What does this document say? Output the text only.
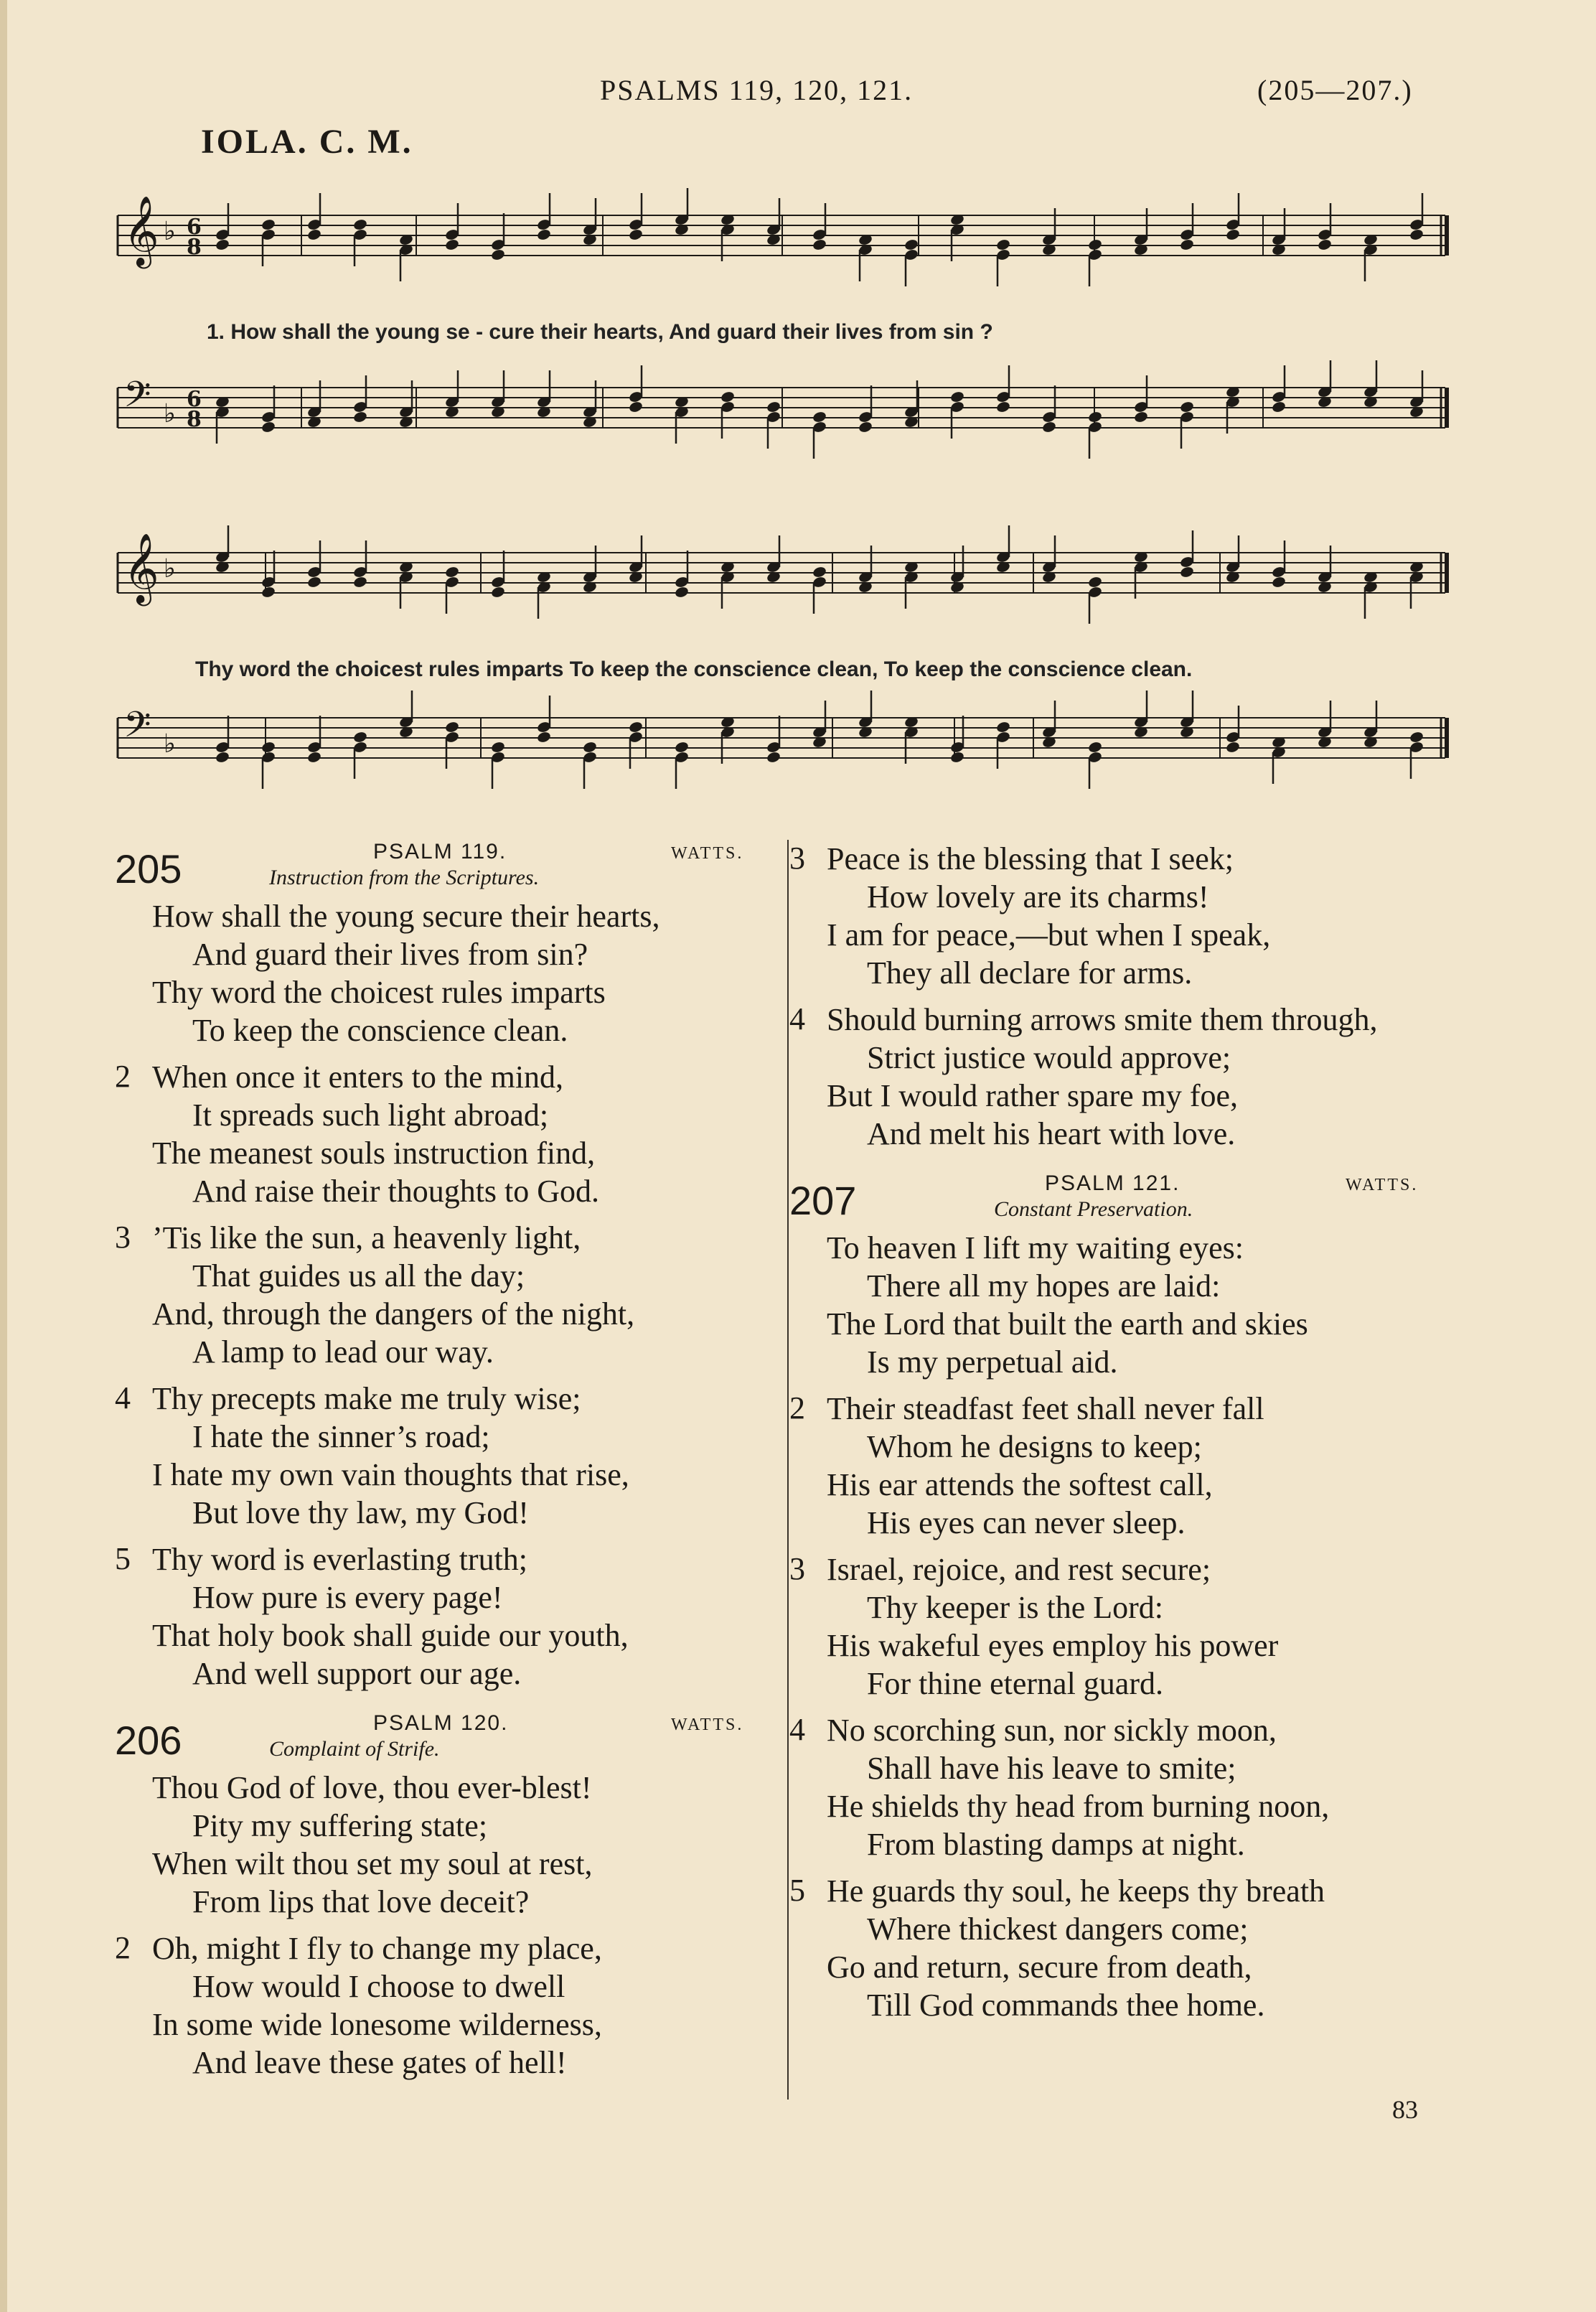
PSALMS 119, 120, 121.	(205—207.)
IOLA. C. M.
𝄞 ♭ 6
8
𝄢 ♭ 6
8
1. How shall the young se - cure their hearts, And guard their lives from sin ?
𝄞 ♭
𝄢 ♭
Thy word the choicest rules imparts To keep the conscience clean, To keep the conscience clean.
205	PSALM 119.	WATTS.
Instruction from the Scriptures.
How shall the young secure their hearts,
And guard their lives from sin?
Thy word the choicest rules imparts
To keep the conscience clean.
2 When once it enters to the mind,
It spreads such light abroad;
The meanest souls instruction find,
And raise their thoughts to God.
3 ’Tis like the sun, a heavenly light,
That guides us all the day;
And, through the dangers of the night,
A lamp to lead our way.
4 Thy precepts make me truly wise;
I hate the sinner’s road;
I hate my own vain thoughts that rise,
But love thy law, my God!
5 Thy word is everlasting truth;
How pure is every page!
That holy book shall guide our youth,
And well support our age.
206	PSALM 120.	WATTS.
Complaint of Strife.
Thou God of love, thou ever-blest!
Pity my suffering state;
When wilt thou set my soul at rest,
From lips that love deceit?
2 Oh, might I fly to change my place,
How would I choose to dwell
In some wide lonesome wilderness,
And leave these gates of hell!
3 Peace is the blessing that I seek;
How lovely are its charms!
I am for peace,—but when I speak,
They all declare for arms.
4 Should burning arrows smite them through,
Strict justice would approve;
But I would rather spare my foe,
And melt his heart with love.
207	PSALM 121.	WATTS.
Constant Preservation.
To heaven I lift my waiting eyes:
There all my hopes are laid:
The Lord that built the earth and skies
Is my perpetual aid.
2 Their steadfast feet shall never fall
Whom he designs to keep;
His ear attends the softest call,
His eyes can never sleep.
3 Israel, rejoice, and rest secure;
Thy keeper is the Lord:
His wakeful eyes employ his power
For thine eternal guard.
4 No scorching sun, nor sickly moon,
Shall have his leave to smite;
He shields thy head from burning noon,
From blasting damps at night.
5 He guards thy soul, he keeps thy breath
Where thickest dangers come;
Go and return, secure from death,
Till God commands thee home.
83
